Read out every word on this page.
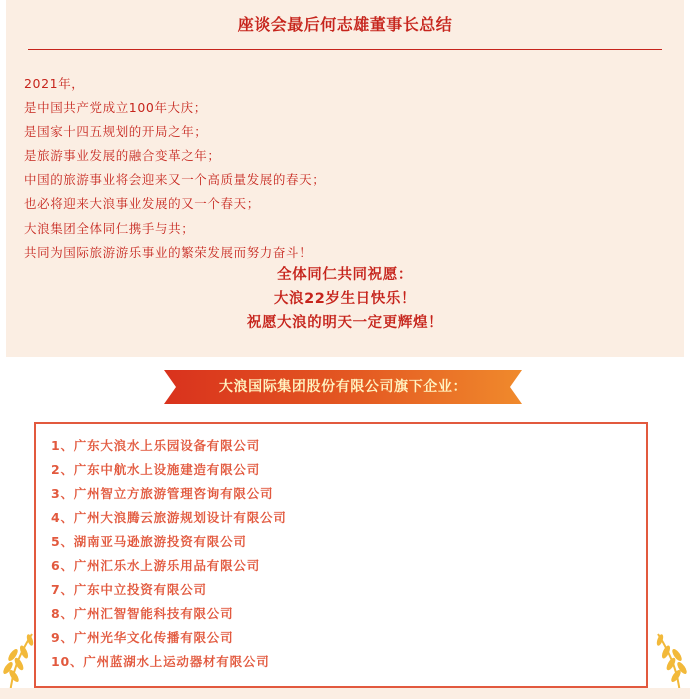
座谈会最后何志雄董事长总结
2021年，
是中国共产党成立100年大庆；
是国家十四五规划的开局之年；
是旅游事业发展的融合变革之年；
中国的旅游事业将会迎来又一个高质量发展的春天；
也必将迎来大浪事业发展的又一个春天；
大浪集团全体同仁携手与共；
共同为国际旅游游乐事业的繁荣发展而努力奋斗！
全体同仁共同祝愿：
大浪22岁生日快乐！
祝愿大浪的明天一定更辉煌！
大浪国际集团股份有限公司旗下企业：
1、广东大浪水上乐园设备有限公司
2、广东中航水上设施建造有限公司
3、广州智立方旅游管理咨询有限公司
4、广州大浪腾云旅游规划设计有限公司
5、湖南亚马逊旅游投资有限公司
6、广州汇乐水上游乐用品有限公司
7、广东中立投资有限公司
8、广州汇智智能科技有限公司
9、广州光华文化传播有限公司
10、广州蓝湖水上运动器材有限公司
